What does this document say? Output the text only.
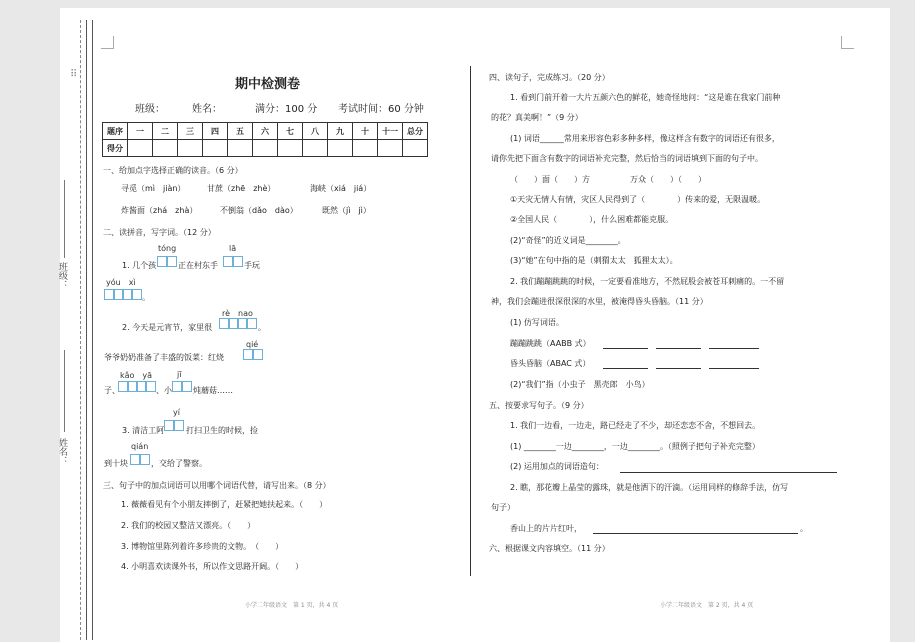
⠿
班级：
姓名：
期中检测卷
班级：	姓名：	满分：100 分 考试时间：60 分钟
题序	一	二	三	四	五	六	七	八	九	十	十一	总分
得分												
一、给加点字选择正确的读音。（6 分）
寻觅（mì　jiàn）	甘蔗（zhē　zhè）	海峡（xiá　jiá）
炸酱面（zhá　zhà）	不倒翁（dǎo　dào）	既然（jì　jì）
二、读拼音，写字词。（12 分）
tóng	lā
1. 几个孩	正在村东手	手玩
yóu　xì
。
rè　nao
2. 今天是元宵节，家里很	。
qié
爷爷奶奶准备了丰盛的饭菜：红烧
kǎo　yā	jī
子、	、小	炖蘑菇……
yí
3. 清洁工阿	打扫卫生的时候，捡
qián
到十块	，交给了警察。
三、句子中的加点词语可以用哪个词语代替，请写出来。（8 分）
1. 薇薇看见有个小朋友摔倒了，赶紧把她扶起来。（　　）
2. 我们的校园又整洁又漂亮。（　　）
3. 博物馆里陈列着许多珍贵的文物。　（　　）
4. 小明喜欢读课外书，所以作文思路开阔。（　　）
小学二年级语文　第 1 页，共 4 页
四、读句子，完成练习。（20 分）
1. 看到门前开着一大片五颜六色的鲜花，她奇怪地问：“这是谁在我家门前种
的花？真美啊！”（9 分）
(1) 词语______常用来形容色彩多种多样，像这样含有数字的词语还有很多，
请你先把下面含有数字的词语补充完整，然后恰当的词语填到下面的句子中。
（　　）面（　　）方　　　　　万众（　　）（　　）
①天灾无情人有情，灾区人民得到了（　　　　）传来的爱，无限温暖。
②全国人民（　　　　），什么困难都能克服。
(2)“奇怪”的近义词是________。
(3)“她”在句中指的是（刺猬太太　狐狸太太）。
2. 我们蹦蹦跳跳的时候，一定要看准地方，不然屁股会被苍耳刺痛的。一不留
神，我们会蹦进很深很深的水里，被淹得昏头昏脑。（11 分）
(1) 仿写词语。
蹦蹦跳跳（AABB 式）
昏头昏脑（ABAC 式）
(2)“我们”指（小虫子　黑壳郎　小鸟）
五、按要求写句子。（9 分）
1. 我们一边看，一边走，路已经走了不少，却还恋恋不舍，不想回去。
(1) ________一边________，一边________。（照例子把句子补充完整）
(2) 运用加点的词语造句：
2. 瞧，那花瓣上晶莹的露珠，就是他洒下的汗滴。（运用同样的修辞手法，仿写
句子）
香山上的片片红叶，	。
六、根据课文内容填空。（11 分）
小学二年级语文　第 2 页，共 4 页
